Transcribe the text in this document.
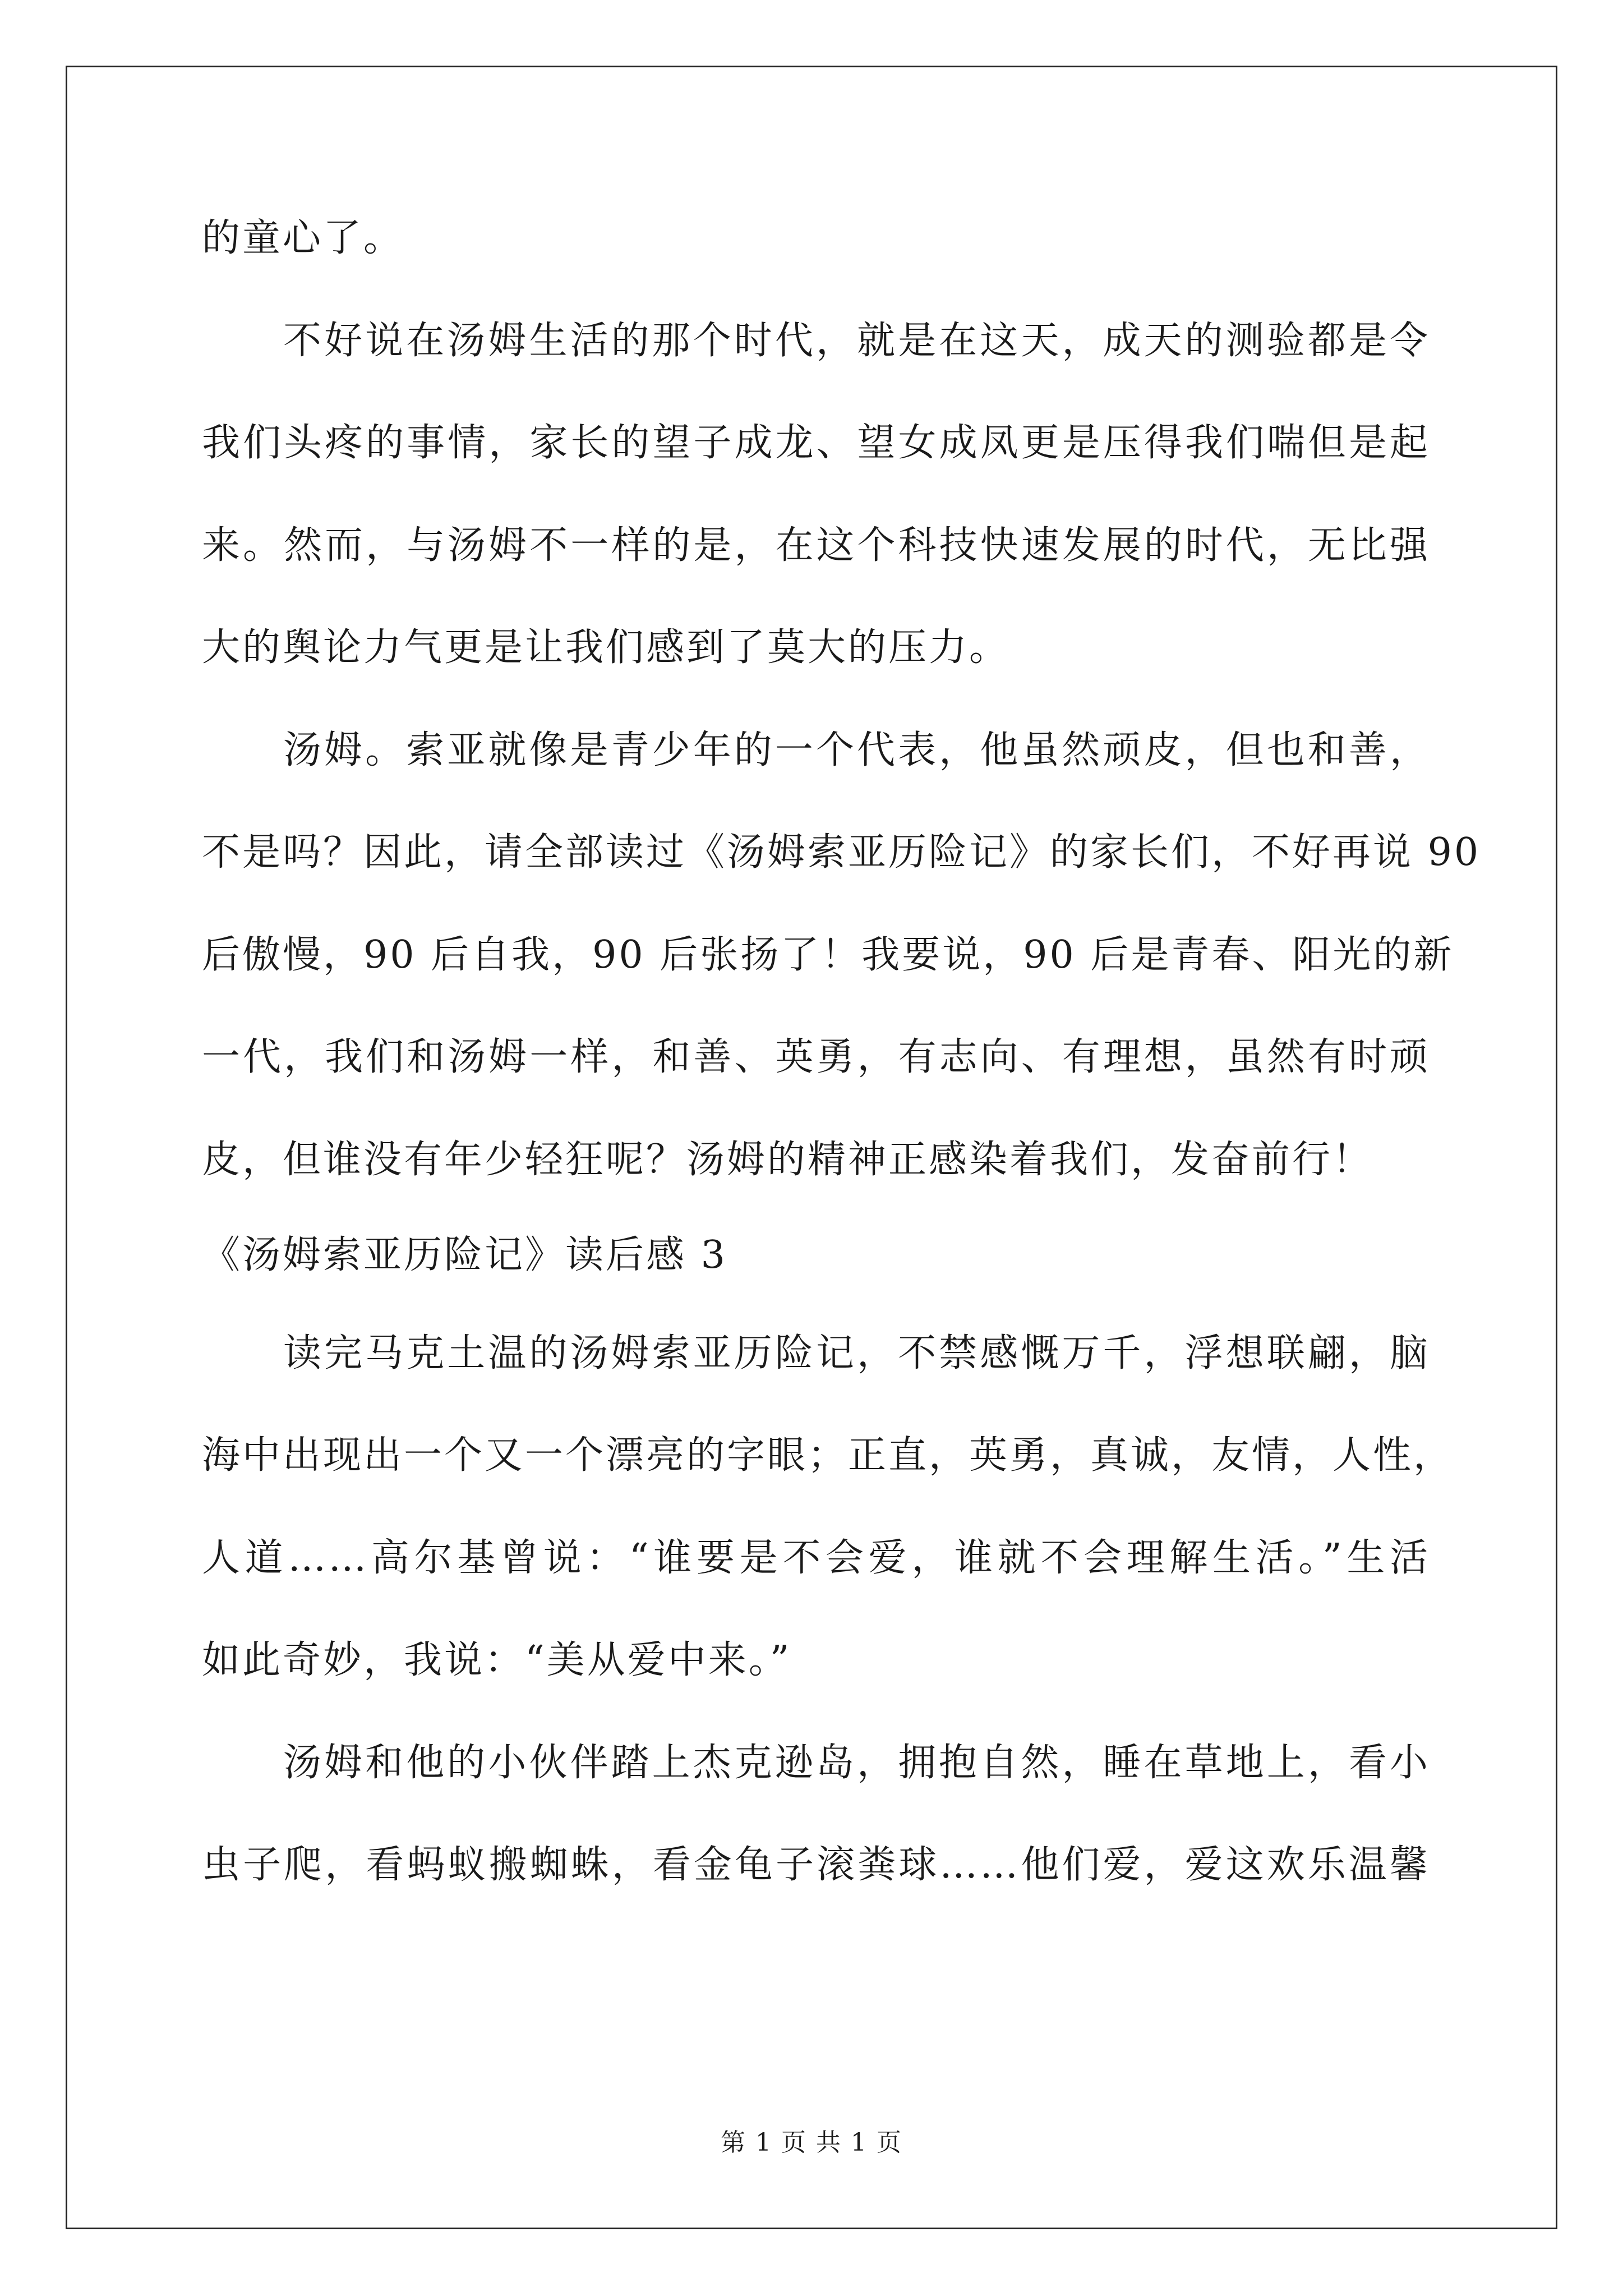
的童心了。
不好说在汤姆生活的那个时代，就是在这天，成天的测验都是令
我们头疼的事情，家长的望子成龙、望女成凤更是压得我们喘但是起
来。然而，与汤姆不一样的是，在这个科技快速发展的时代，无比强
大的舆论力气更是让我们感到了莫大的压力。
汤姆。索亚就像是青少年的一个代表，他虽然顽皮，但也和善，
不是吗？因此，请全部读过《汤姆索亚历险记》的家长们，不好再说 90
后傲慢，90 后自我，90 后张扬了！我要说，90 后是青春、阳光的新
一代，我们和汤姆一样，和善、英勇，有志向、有理想，虽然有时顽
皮，但谁没有年少轻狂呢？汤姆的精神正感染着我们，发奋前行！
《汤姆索亚历险记》读后感 3
读完马克土温的汤姆索亚历险记，不禁感慨万千，浮想联翩，脑
海中出现出一个又一个漂亮的字眼；正直，英勇，真诚，友情，人性，
人道……高尔基曾说：“谁要是不会爱，谁就不会理解生活。”生活
如此奇妙，我说：“美从爱中来。”
汤姆和他的小伙伴踏上杰克逊岛，拥抱自然，睡在草地上，看小
虫子爬，看蚂蚁搬蜘蛛，看金龟子滚粪球……他们爱，爱这欢乐温馨
第 1 页 共 1 页
